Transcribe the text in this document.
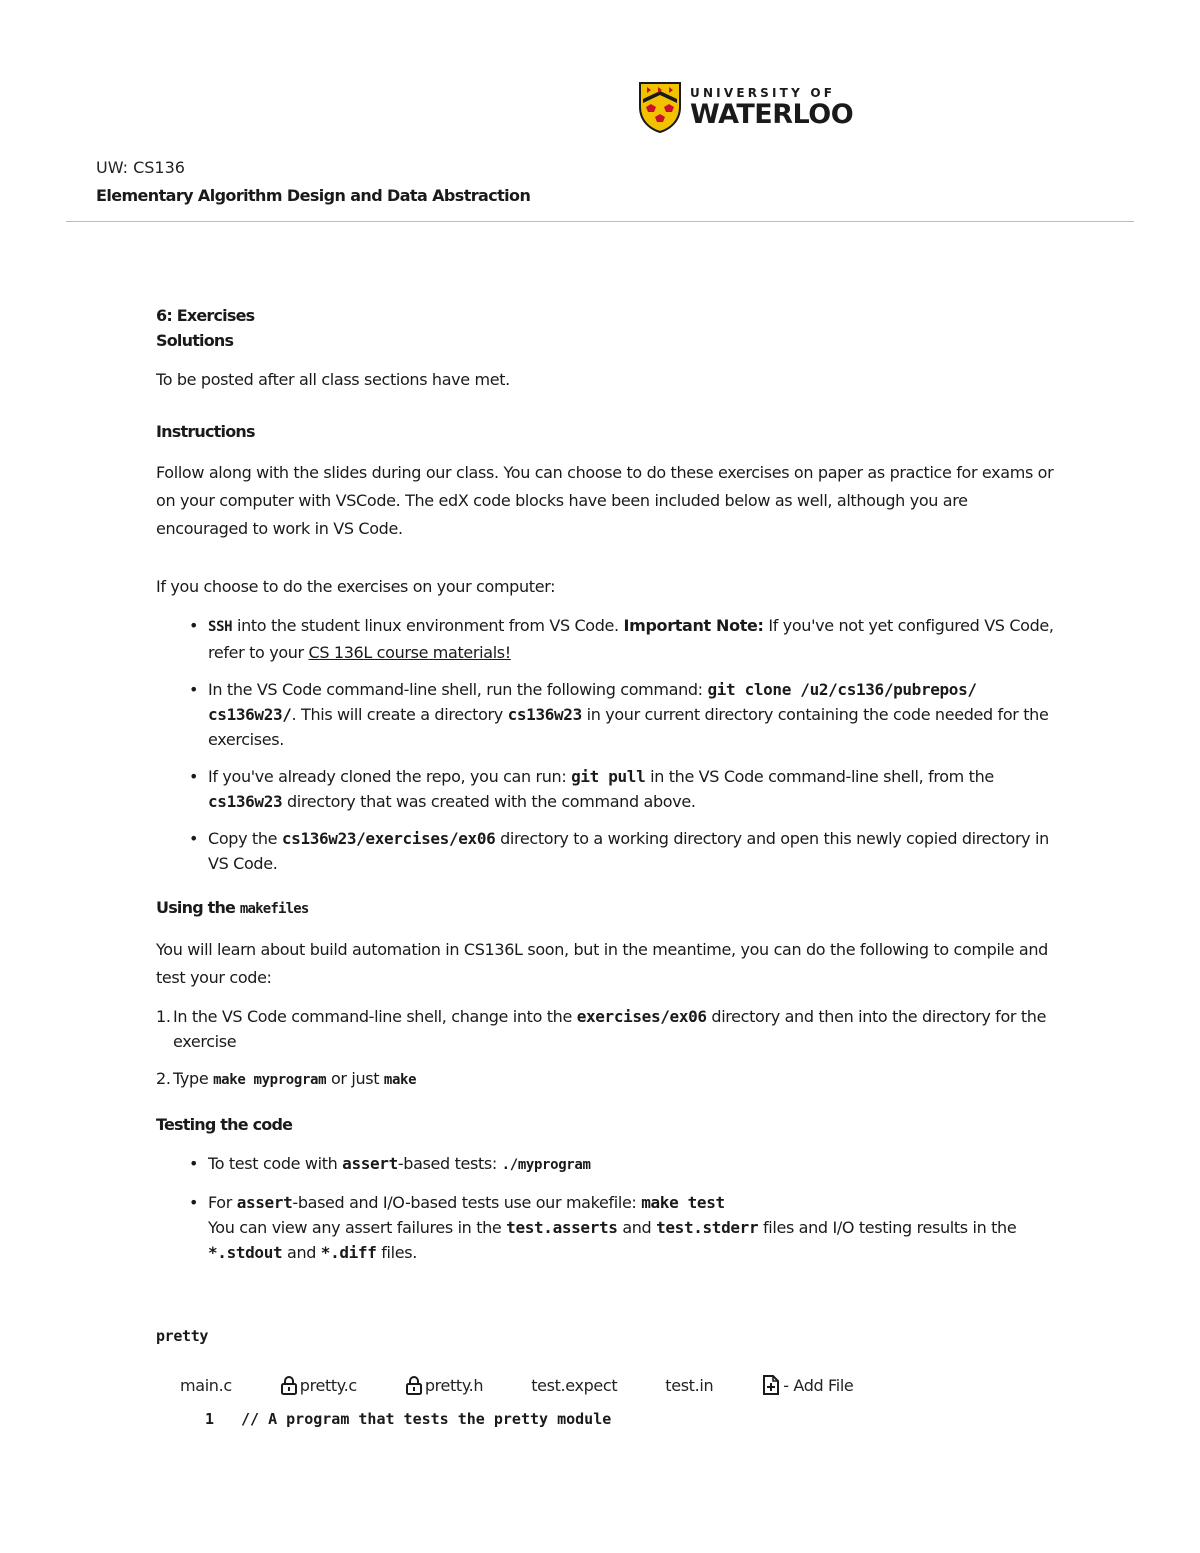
UNIVERSITY OF
WATERLOO
UW: CS136
Elementary Algorithm Design and Data Abstraction

6: Exercises

Solutions

To be posted after all class sections have met.

Instructions

Follow along with the slides during our class. You can choose to do these exercises on paper as practice for exams or on your computer with VSCode. The edX code blocks have been included below as well, although you are encouraged to work in VS Code.

If you choose to do the exercises on your computer:

• SSH into the student linux environment from VS Code. Important Note: If you've not yet configured VS Code, refer to your CS 136L course materials!
• In the VS Code command-line shell, run the following command: git clone /u2/cs136/pubrepos/ cs136w23/. This will create a directory cs136w23 in your current directory containing the code needed for the exercises.
• If you've already cloned the repo, you can run: git pull in the VS Code command-line shell, from the cs136w23 directory that was created with the command above.
• Copy the cs136w23/exercises/ex06 directory to a working directory and open this newly copied directory in VS Code.

Using the makefiles

You will learn about build automation in CS136L soon, but in the meantime, you can do the following to compile and test your code:

1. In the VS Code command-line shell, change into the exercises/ex06 directory and then into the directory for the exercise
2. Type make myprogram or just make

Testing the code

• To test code with assert-based tests: ./myprogram
• For assert-based and I/O-based tests use our makefile: make test
You can view any assert failures in the test.asserts and test.stderr files and I/O testing results in the *.stdout and *.diff files.

pretty

main.c	pretty.c	pretty.h	test.expect	test.in	- Add File
1	// A program that tests the pretty module
